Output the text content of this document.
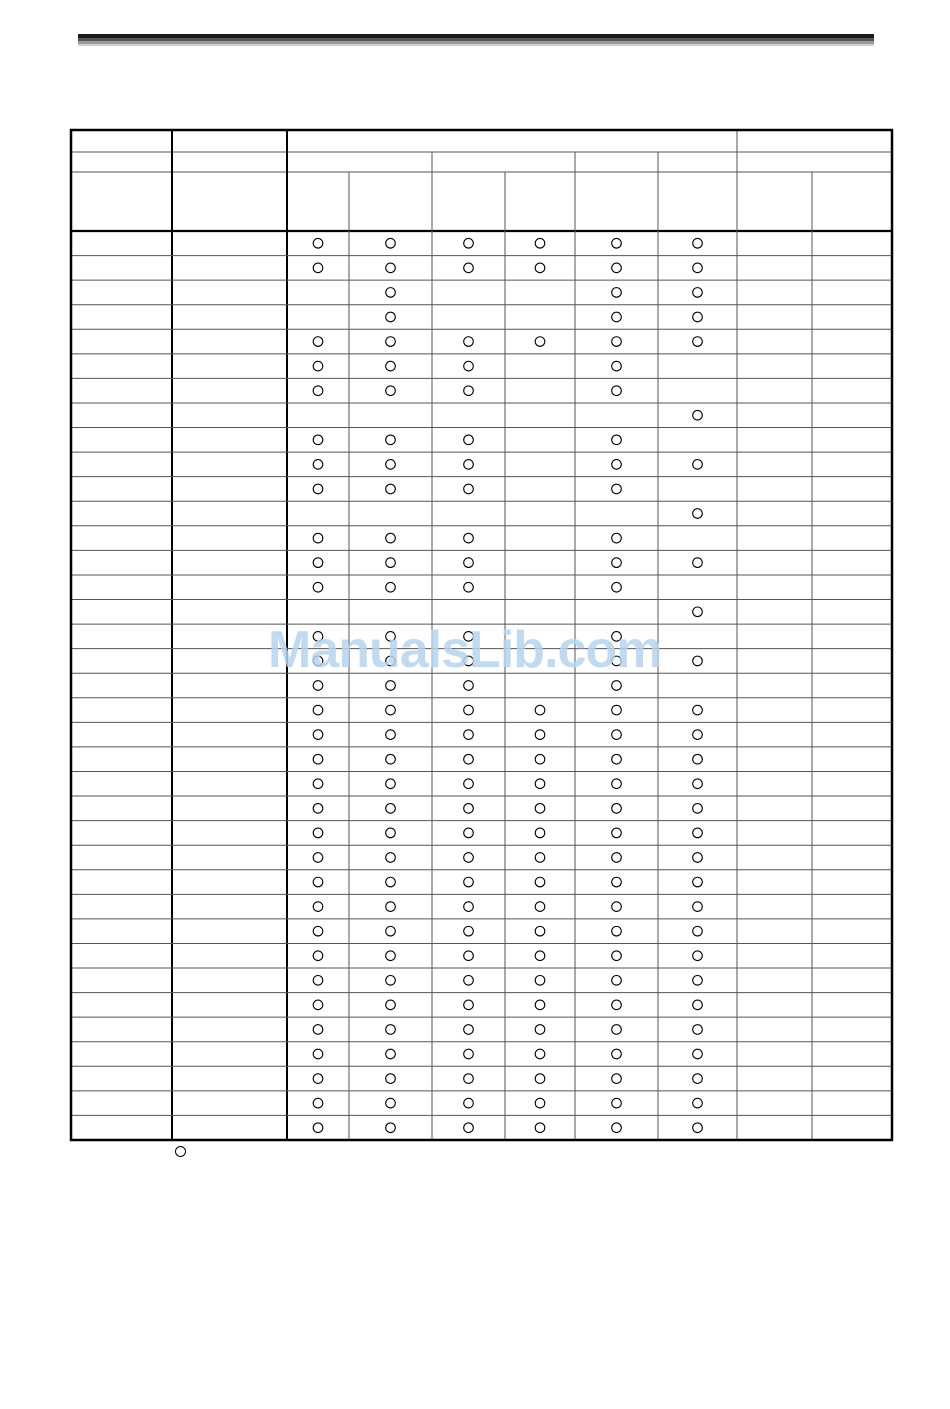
ManualsLib.com
